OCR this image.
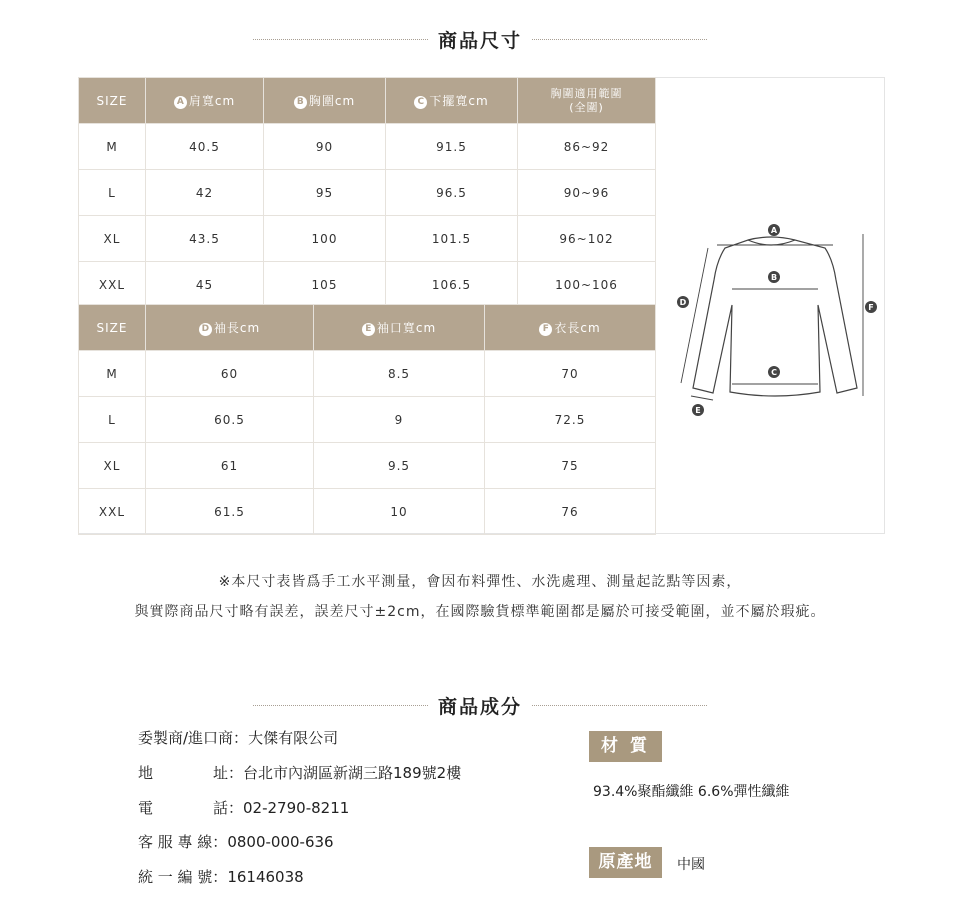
商品尺寸
SIZE	A 肩寬cm	B 胸圍cm	C 下擺寬cm	胸圍適用範圍
(全圍)
M	40.5	90	91.5	86~92
L	42	95	96.5	90~96
XL	43.5	100	101.5	96~102
XXL	45	105	106.5	100~106
SIZE	D 袖長cm	E 袖口寬cm	F 衣長cm
M	60	8.5	70
L	60.5	9	72.5
XL	61	9.5	75
XXL	61.5	10	76
A
B
C
D
E
F
※本尺寸表皆爲手工水平測量，會因布料彈性、水洗處理、測量起訖點等因素，
與實際商品尺寸略有誤差，誤差尺寸±2cm，在國際驗貨標準範圍都是屬於可接受範圍，並不屬於瑕疵。
商品成分
委製商/進口商：大傑有限公司
地　　　　址：台北市內湖區新湖三路189號2樓
電　　　　話：02-2790-8211
客 服 專 線：0800-000-636
統 一 編 號：16146038
材 質
93.4%聚酯纖維 6.6%彈性纖維
原產地	中國
